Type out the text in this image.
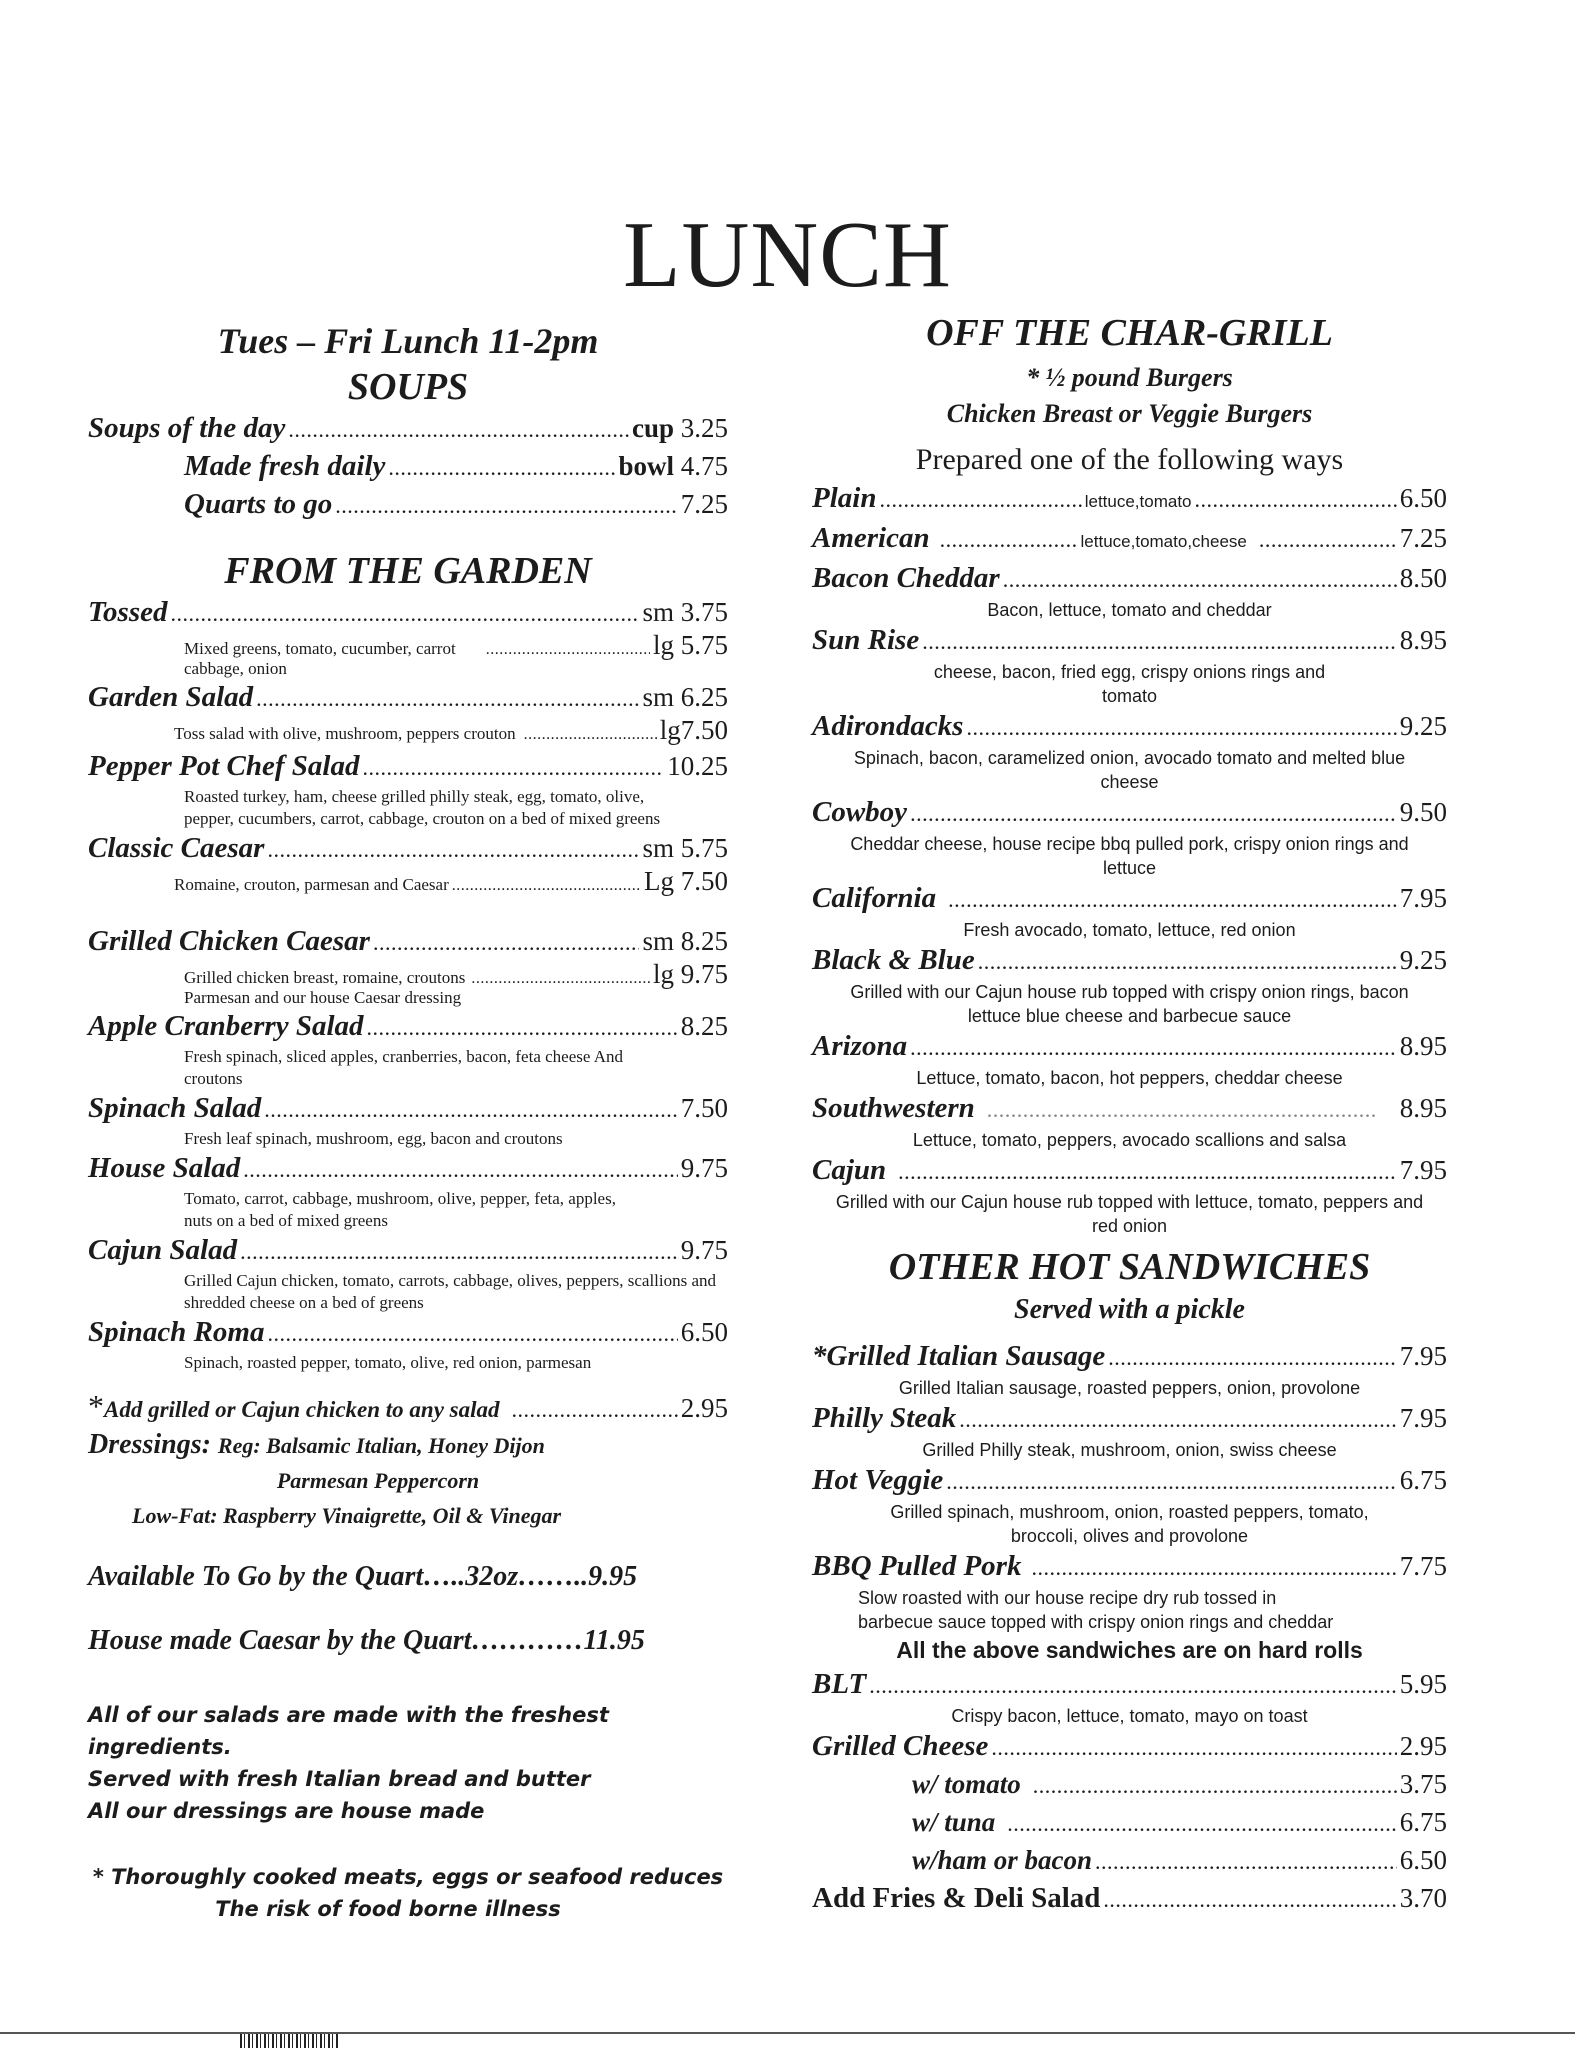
LUNCH
Tues – Fri Lunch 11-2pm
SOUPS
Soups of the day .....	cup 3.25
Made fresh daily .....	bowl 4.75
Quarts to go .....	7.25
FROM THE GARDEN
Tossed .....	sm 3.75
Mixed greens, tomato, cucumber, carrot .....	lg 5.75
cabbage, onion
Garden Salad .....	sm 6.25
Toss salad with olive, mushroom, peppers crouton .....	lg7.50
Pepper Pot Chef Salad .....	10.25
Roasted turkey, ham, cheese grilled philly steak, egg, tomato, olive, pepper, cucumbers, carrot, cabbage, crouton on a bed of mixed greens
Classic Caesar .....	sm 5.75
Romaine, crouton, parmesan and Caesar .....	Lg 7.50
Grilled Chicken Caesar .....	sm 8.25
Grilled chicken breast, romaine, croutons .....	lg 9.75
Parmesan and our house Caesar dressing
Apple Cranberry Salad .....	8.25
Fresh spinach, sliced apples, cranberries, bacon, feta cheese And croutons
Spinach Salad .....	7.50
Fresh leaf spinach, mushroom, egg, bacon and croutons
House Salad .....	9.75
Tomato, carrot, cabbage, mushroom, olive, pepper, feta, apples, nuts on a bed of mixed greens
Cajun Salad .....	9.75
Grilled Cajun chicken, tomato, carrots, cabbage, olives, peppers, scallions and shredded cheese on a bed of greens
Spinach Roma .....	6.50
Spinach, roasted pepper, tomato, olive, red onion, parmesan
* Add grilled or Cajun chicken to any salad .....	2.95
Dressings: Reg: Balsamic Italian, Honey Dijon
Parmesan Peppercorn
Low-Fat: Raspberry Vinaigrette, Oil & Vinegar
Available To Go by the Quart…..32oz……..9.95
House made Caesar by the Quart…………11.95
All of our salads are made with the freshest ingredients.
Served with fresh Italian bread and butter
All our dressings are house made
* Thoroughly cooked meats, eggs or seafood reduces
The risk of food borne illness
OFF THE CHAR-GRILL
* ½ pound Burgers
Chicken Breast or Veggie Burgers
Prepared one of the following ways
Plain .....	lettuce,tomato .....	6.50
American .....	lettuce,tomato,cheese .....	7.25
Bacon Cheddar .....	8.50
Bacon, lettuce, tomato and cheddar
Sun Rise .....	8.95
cheese, bacon, fried egg, crispy onions rings and tomato
Adirondacks .....	9.25
Spinach, bacon, caramelized onion, avocado tomato and melted blue cheese
Cowboy .....	9.50
Cheddar cheese, house recipe bbq pulled pork, crispy onion rings and lettuce
California .....	7.95
Fresh avocado, tomato, lettuce, red onion
Black & Blue .....	9.25
Grilled with our Cajun house rub topped with crispy onion rings, bacon lettuce blue cheese and barbecue sauce
Arizona .....	8.95
Lettuce, tomato, bacon, hot peppers, cheddar cheese
Southwestern .....	8.95
Lettuce, tomato, peppers, avocado scallions and salsa
Cajun .....	7.95
Grilled with our Cajun house rub topped with lettuce, tomato, peppers and red onion
OTHER HOT SANDWICHES
Served with a pickle
*Grilled Italian Sausage .....	7.95
Grilled Italian sausage, roasted peppers, onion, provolone
Philly Steak .....	7.95
Grilled Philly steak, mushroom, onion, swiss cheese
Hot Veggie .....	6.75
Grilled spinach, mushroom, onion, roasted peppers, tomato, broccoli, olives and provolone
BBQ Pulled Pork .....	7.75
Slow roasted with our house recipe dry rub tossed in barbecue sauce topped with crispy onion rings and cheddar
All the above sandwiches are on hard rolls
BLT .....	5.95
Crispy bacon, lettuce, tomato, mayo on toast
Grilled Cheese .....	2.95
w/ tomato .....	3.75
w/ tuna .....	6.75
w/ham or bacon .....	6.50
Add Fries & Deli Salad .....	3.70
